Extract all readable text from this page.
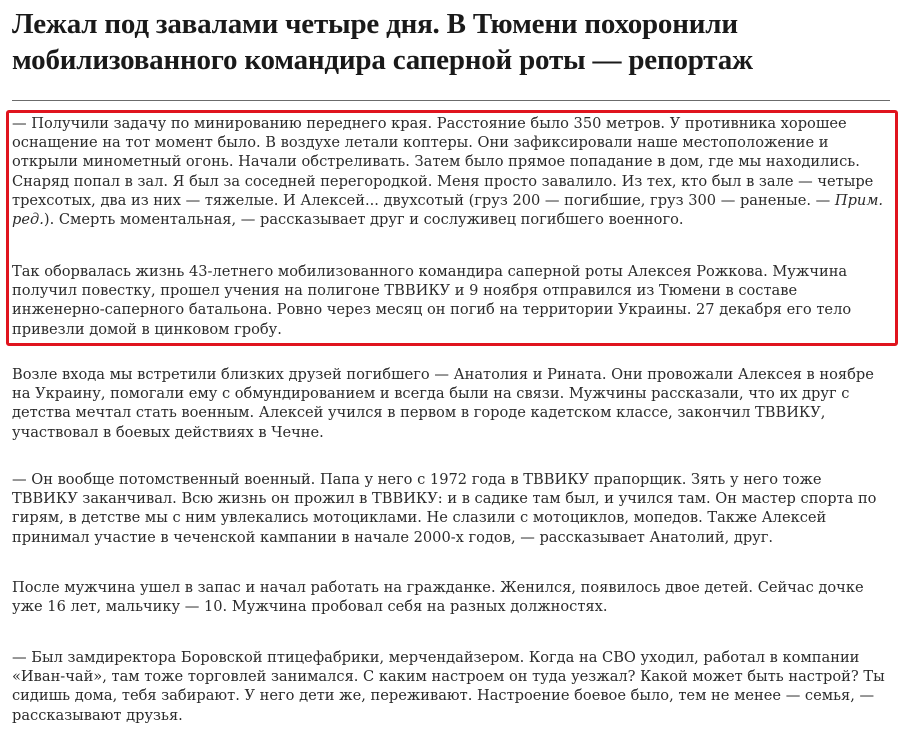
Лежал под завалами четыре дня. В Тюмени похоронили мобилизованного командира саперной роты — репортаж

— Получили задачу по минированию переднего края. Расстояние было 350 метров. У противника хорошее оснащение на тот момент было. В воздухе летали коптеры. Они зафиксировали наше местоположение и открыли минометный огонь. Начали обстреливать. Затем было прямое попадание в дом, где мы находились. Снаряд попал в зал. Я был за соседней перегородкой. Меня просто завалило. Из тех, кто был в зале — четыре трехсотых, два из них — тяжелые. И Алексей... двухсотый (груз 200 — погибшие, груз 300 — раненые. — Прим. ред.). Смерть моментальная, — рассказывает друг и сослуживец погибшего военного.

Так оборвалась жизнь 43-летнего мобилизованного командира саперной роты Алексея Рожкова. Мужчина получил повестку, прошел учения на полигоне ТВВИКУ и 9 ноября отправился из Тюмени в составе инженерно-саперного батальона. Ровно через месяц он погиб на территории Украины. 27 декабря его тело привезли домой в цинковом гробу.

Возле входа мы встретили близких друзей погибшего — Анатолия и Рината. Они провожали Алексея в ноябре на Украину, помогали ему с обмундированием и всегда были на связи. Мужчины рассказали, что их друг с детства мечтал стать военным. Алексей учился в первом в городе кадетском классе, закончил ТВВИКУ, участвовал в боевых действиях в Чечне.

— Он вообще потомственный военный. Папа у него с 1972 года в ТВВИКУ прапорщик. Зять у него тоже ТВВИКУ заканчивал. Всю жизнь он прожил в ТВВИКУ: и в садике там был, и учился там. Он мастер спорта по гирям, в детстве мы с ним увлекались мотоциклами. Не слазили с мотоциклов, мопедов. Также Алексей принимал участие в чеченской кампании в начале 2000-х годов, — рассказывает Анатолий, друг.

После мужчина ушел в запас и начал работать на гражданке. Женился, появилось двое детей. Сейчас дочке уже 16 лет, мальчику — 10. Мужчина пробовал себя на разных должностях.

— Был замдиректора Боровской птицефабрики, мерчендайзером. Когда на СВО уходил, работал в компании «Иван-чай», там тоже торговлей занимался. С каким настроем он туда уезжал? Какой может быть настрой? Ты сидишь дома, тебя забирают. У него дети же, переживают. Настроение боевое было, тем не менее — семья, — рассказывают друзья.
